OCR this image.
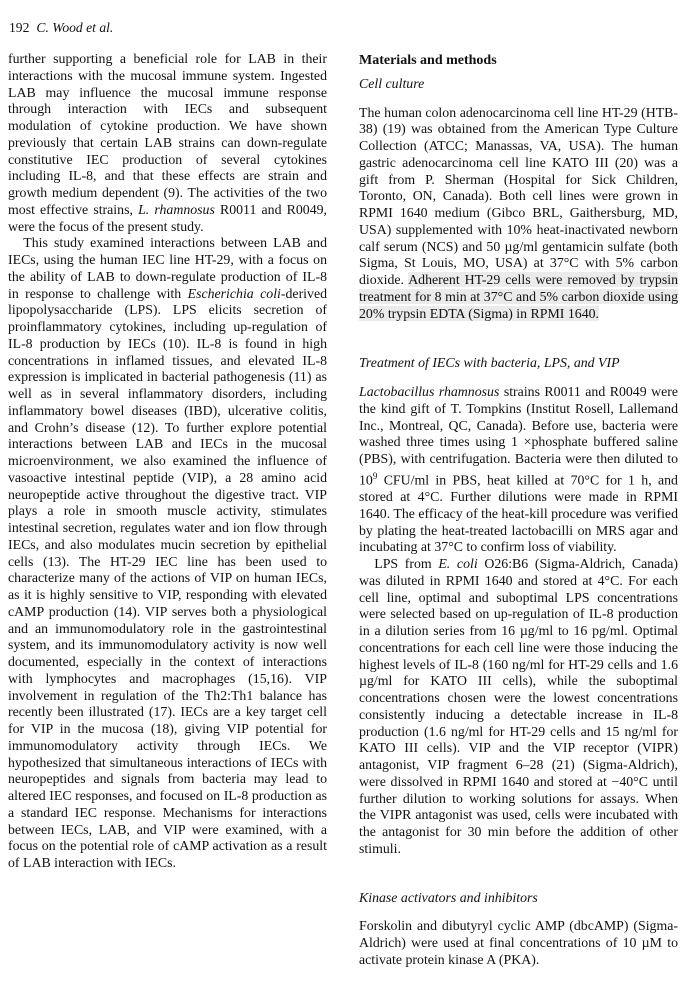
192 C. Wood et al.

further supporting a beneficial role for LAB in their interactions with the mucosal immune system. Ingested LAB may influence the mucosal immune response through interaction with IECs and subsequent modulation of cytokine production. We have shown previously that certain LAB strains can down-regulate constitutive IEC production of several cytokines including IL-8, and that these effects are strain and growth medium dependent (9). The activities of the two most effective strains, L. rhamnosus R0011 and R0049, were the focus of the present study.

This study examined interactions between LAB and IECs, using the human IEC line HT-29, with a focus on the ability of LAB to down-regulate production of IL-8 in response to challenge with Escherichia coli-derived lipopolysaccharide (LPS). LPS elicits secretion of proinflammatory cytokines, including up-regulation of IL-8 production by IECs (10). IL-8 is found in high concentrations in inflamed tissues, and elevated IL-8 expression is implicated in bacterial pathogenesis (11) as well as in several inflammatory disorders, including inflammatory bowel diseases (IBD), ulcerative colitis, and Crohn’s disease (12). To further explore potential interactions between LAB and IECs in the mucosal microenvironment, we also examined the influence of vasoactive intestinal peptide (VIP), a 28 amino acid neuropeptide active throughout the digestive tract. VIP plays a role in smooth muscle activity, stimulates intestinal secretion, regulates water and ion flow through IECs, and also modulates mucin secretion by epithelial cells (13). The HT-29 IEC line has been used to characterize many of the actions of VIP on human IECs, as it is highly sensitive to VIP, responding with elevated cAMP production (14). VIP serves both a physiological and an immunomodulatory role in the gastrointestinal system, and its immunomodulatory activity is now well documented, especially in the context of interactions with lymphocytes and macrophages (15,16). VIP involvement in regulation of the Th2:Th1 balance has recently been illustrated (17). IECs are a key target cell for VIP in the mucosa (18), giving VIP potential for immunomodulatory activity through IECs. We hypothesized that simultaneous interactions of IECs with neuropeptides and signals from bacteria may lead to altered IEC responses, and focused on IL-8 production as a standard IEC response. Mechanisms for interactions between IECs, LAB, and VIP were examined, with a focus on the potential role of cAMP activation as a result of LAB interaction with IECs.

Materials and methods
Cell culture

The human colon adenocarcinoma cell line HT-29 (HTB-38) (19) was obtained from the American Type Culture Collection (ATCC; Manassas, VA, USA). The human gastric adenocarcinoma cell line KATO III (20) was a gift from P. Sherman (Hospital for Sick Children, Toronto, ON, Canada). Both cell lines were grown in RPMI 1640 medium (Gibco BRL, Gaithersburg, MD, USA) supplemented with 10% heat-inactivated newborn calf serum (NCS) and 50 µg/ml gentamicin sulfate (both Sigma, St Louis, MO, USA) at 37°C with 5% carbon dioxide. Adherent HT-29 cells were removed by trypsin treatment for 8 min at 37°C and 5% carbon dioxide using 20% trypsin EDTA (Sigma) in RPMI 1640.

Treatment of IECs with bacteria, LPS, and VIP

Lactobacillus rhamnosus strains R0011 and R0049 were the kind gift of T. Tompkins (Institut Rosell, Lallemand Inc., Montreal, QC, Canada). Before use, bacteria were washed three times using 1 ×phosphate buffered saline (PBS), with centrifugation. Bacteria were then diluted to $10^9$ CFU/ml in PBS, heat killed at 70°C for 1 h, and stored at 4°C. Further dilutions were made in RPMI 1640. The efficacy of the heat-kill procedure was verified by plating the heat-treated lactobacilli on MRS agar and incubating at 37°C to confirm loss of viability.

LPS from E. coli O26:B6 (Sigma-Aldrich, Canada) was diluted in RPMI 1640 and stored at 4°C. For each cell line, optimal and suboptimal LPS concentrations were selected based on up-regulation of IL-8 production in a dilution series from 16 µg/ml to 16 pg/ml. Optimal concentrations for each cell line were those inducing the highest levels of IL-8 (160 ng/ml for HT-29 cells and 1.6 µg/ml for KATO III cells), while the suboptimal concentrations chosen were the lowest concentrations consistently inducing a detectable increase in IL-8 production (1.6 ng/ml for HT-29 cells and 15 ng/ml for KATO III cells). VIP and the VIP receptor (VIPR) antagonist, VIP fragment 6–28 (21) (Sigma-Aldrich), were dissolved in RPMI 1640 and stored at −40°C until further dilution to working solutions for assays. When the VIPR antagonist was used, cells were incubated with the antagonist for 30 min before the addition of other stimuli.

Kinase activators and inhibitors

Forskolin and dibutyryl cyclic AMP (dbcAMP) (Sigma-Aldrich) were used at final concentrations of 10 µM to activate protein kinase A (PKA).
